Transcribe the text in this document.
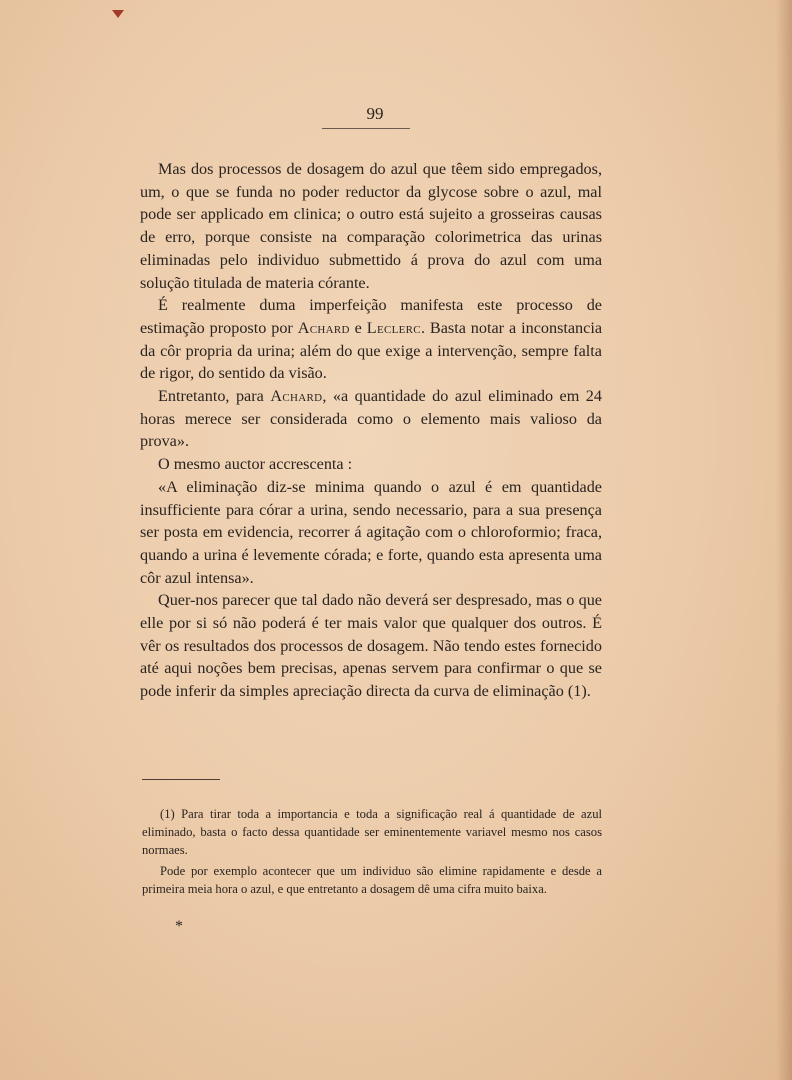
99

Mas dos processos de dosagem do azul que têem sido empregados, um, o que se funda no poder reductor da glycose sobre o azul, mal pode ser applicado em clinica; o outro está sujeito a grosseiras causas de erro, porque consiste na comparação colorimetrica das urinas eliminadas pelo individuo submettido á prova do azul com uma solução titulada de materia córante.

É realmente duma imperfeição manifesta este processo de estimação proposto por Achard e Leclerc. Basta notar a inconstancia da côr propria da urina; além do que exige a intervenção, sempre falta de rigor, do sentido da visão.

Entretanto, para Achard, «a quantidade do azul eliminado em 24 horas merece ser considerada como o elemento mais valioso da prova».

O mesmo auctor accrescenta :

«A eliminação diz-se minima quando o azul é em quantidade insufficiente para córar a urina, sendo necessario, para a sua presença ser posta em evidencia, recorrer á agitação com o chloroformio; fraca, quando a urina é levemente córada; e forte, quando esta apresenta uma côr azul intensa».

Quer-nos parecer que tal dado não deverá ser despresado, mas o que elle por si só não poderá é ter mais valor que qualquer dos outros. É vêr os resultados dos processos de dosagem. Não tendo estes fornecido até aqui noções bem precisas, apenas servem para confirmar o que se pode inferir da simples apreciação directa da curva de eliminação (1).

(1) Para tirar toda a importancia e toda a significação real á quantidade de azul eliminado, basta o facto dessa quantidade ser eminentemente variavel mesmo nos casos normaes.

Pode por exemplo acontecer que um individuo são elimine rapidamente e desde a primeira meia hora o azul, e que entretanto a dosagem dê uma cifra muito baixa.

*
